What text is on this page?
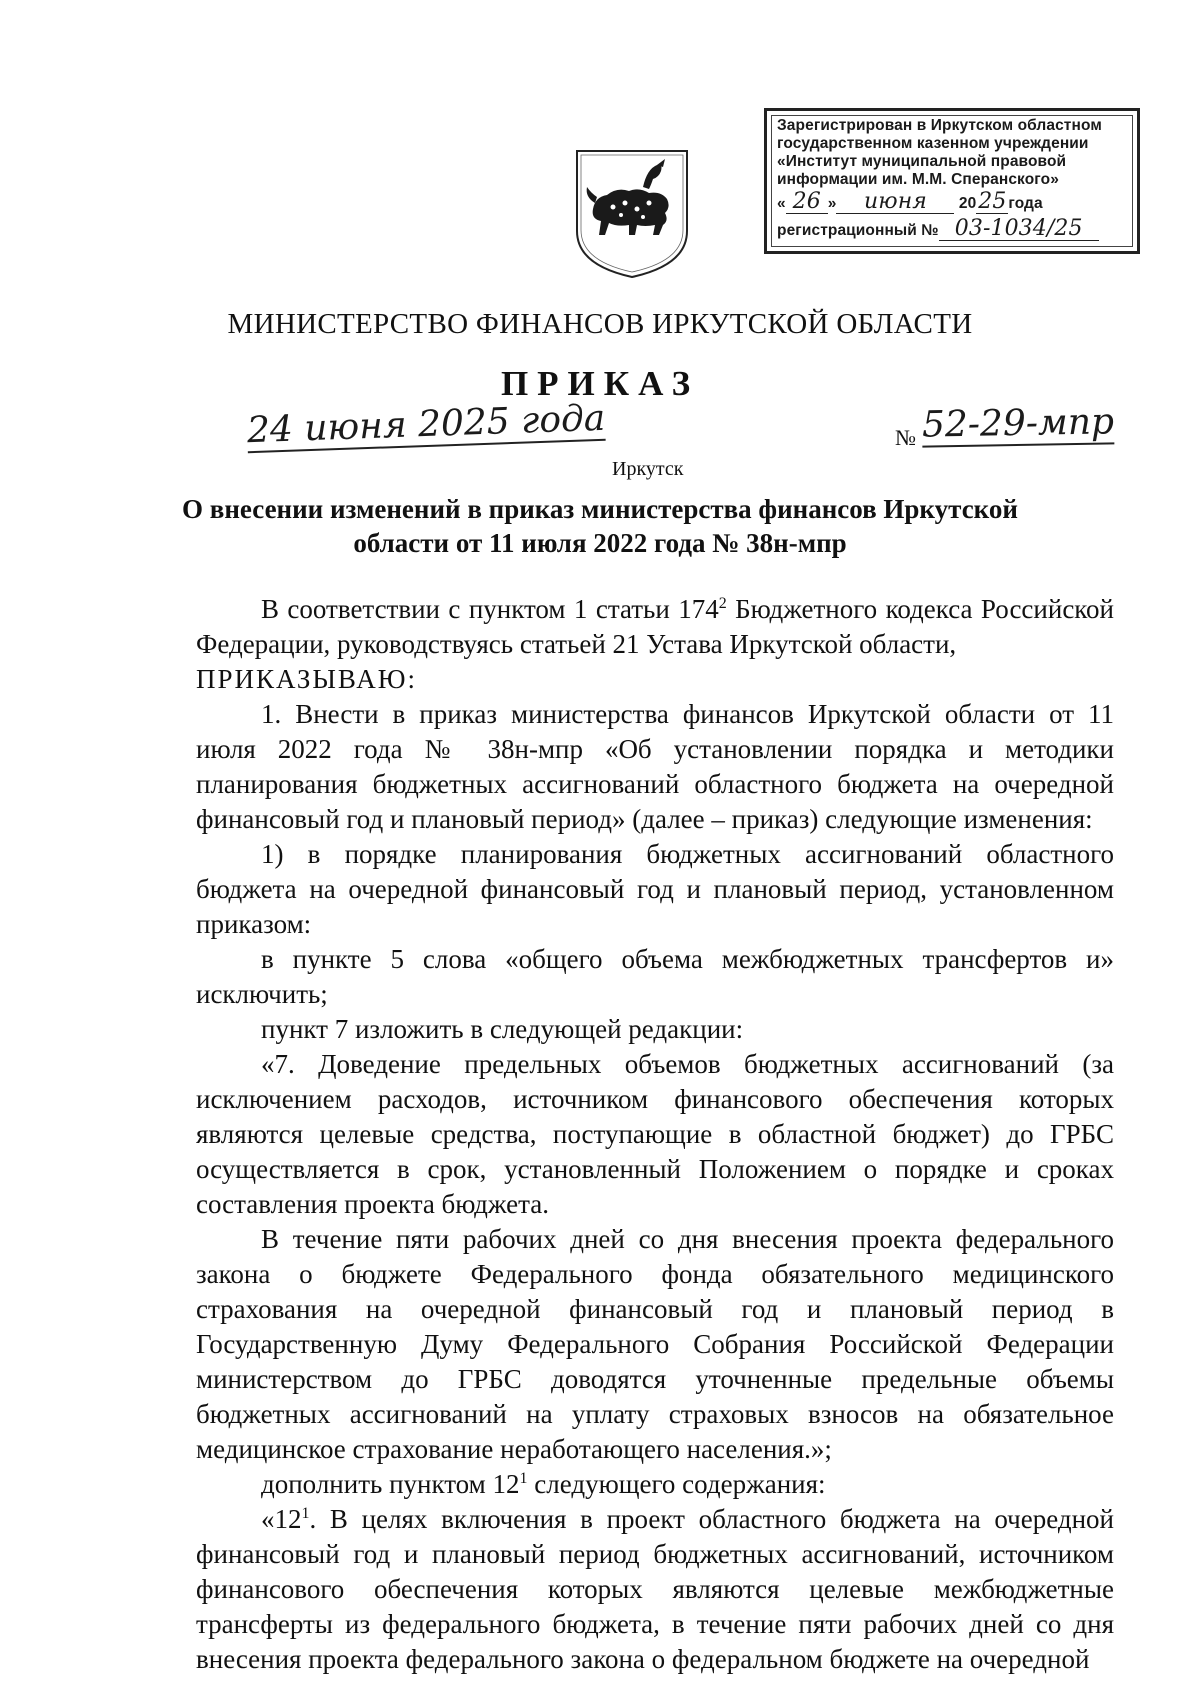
Зарегистрирован в Иркутском областном
государственном казенном учреждении
«Институт муниципальной правовой
информации им. М.М. Сперанского»
« 26 » июня 2025 года
регистрационный № 03-1034/25
МИНИСТЕРСТВО ФИНАНСОВ ИРКУТСКОЙ ОБЛАСТИ
ПРИКАЗ
24 июня 2025 года	№ 52-29-мпр
Иркутск
О внесении изменений в приказ министерства финансов Иркутской
области от 11 июля 2022 года № 38н-мпр

В соответствии с пунктом 1 статьи $174^2$ Бюджетного кодекса Российской Федерации, руководствуясь статьей 21 Устава Иркутской области,

ПРИКАЗЫВАЮ:

1. Внести в приказ министерства финансов Иркутской области от 11 июля 2022 года № 38н-мпр «Об установлении порядка и методики планирования бюджетных ассигнований областного бюджета на очередной финансовый год и плановый период» (далее – приказ) следующие изменения:

1) в порядке планирования бюджетных ассигнований областного бюджета на очередной финансовый год и плановый период, установленном приказом:

в пункте 5 слова «общего объема межбюджетных трансфертов и» исключить;

пункт 7 изложить в следующей редакции:

«7. Доведение предельных объемов бюджетных ассигнований (за исключением расходов, источником финансового обеспечения которых являются целевые средства, поступающие в областной бюджет) до ГРБС осуществляется в срок, установленный Положением о порядке и сроках составления проекта бюджета.

В течение пяти рабочих дней со дня внесения проекта федерального закона о бюджете Федерального фонда обязательного медицинского страхования на очередной финансовый год и плановый период в Государственную Думу Федерального Собрания Российской Федерации министерством до ГРБС доводятся уточненные предельные объемы бюджетных ассигнований на уплату страховых взносов на обязательное медицинское страхование неработающего населения.»;

дополнить пунктом $12^1$ следующего содержания:

«$12^1$. В целях включения в проект областного бюджета на очередной финансовый год и плановый период бюджетных ассигнований, источником финансового обеспечения которых являются целевые межбюджетные трансферты из федерального бюджета, в течение пяти рабочих дней со дня внесения проекта федерального закона о федеральном бюджете на очередной
